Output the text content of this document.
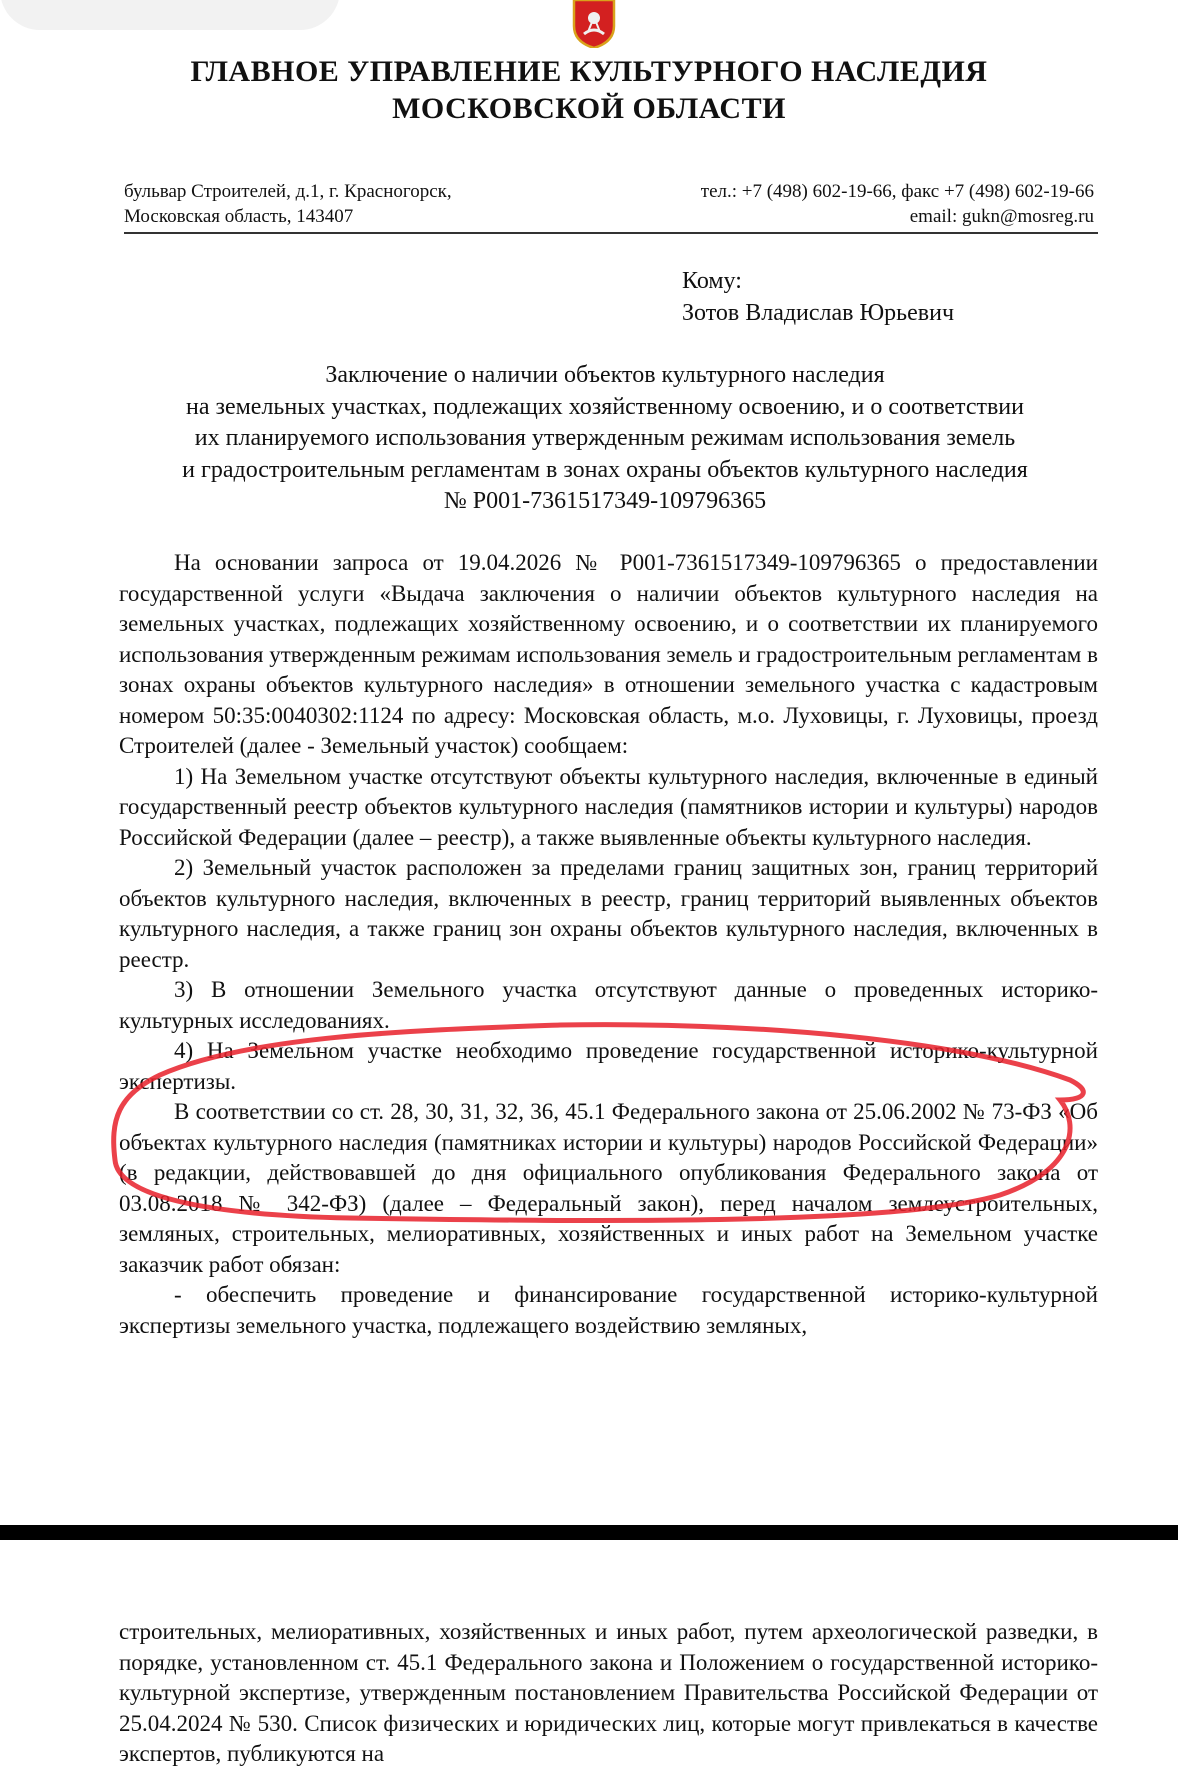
ГЛАВНОЕ УПРАВЛЕНИЕ КУЛЬТУРНОГО НАСЛЕДИЯ
МОСКОВСКОЙ ОБЛАСТИ
бульвар Строителей, д.1, г. Красногорск,
Московская область, 143407
тел.: +7 (498) 602-19-66, факс +7 (498) 602-19-66
email: gukn@mosreg.ru
Кому:
Зотов Владислав Юрьевич
Заключение о наличии объектов культурного наследия
на земельных участках, подлежащих хозяйственному освоению, и о соответствии
их планируемого использования утвержденным режимам использования земель
и градостроительным регламентам в зонах охраны объектов культурного наследия
№ Р001-7361517349-109796365

На основании запроса от 19.04.2026 № Р001-7361517349-109796365 о предоставлении государственной услуги «Выдача заключения о наличии объектов культурного наследия на земельных участках, подлежащих хозяйственному освоению, и о соответствии их планируемого использования утвержденным режимам использования земель и градостроительным регламентам в зонах охраны объектов культурного наследия» в отношении земельного участка с кадастровым номером 50:35:0040302:1124 по адресу: Московская область, м.о. Луховицы, г. Луховицы, проезд Строителей (далее - Земельный участок) сообщаем:

1) На Земельном участке отсутствуют объекты культурного наследия, включенные в единый государственный реестр объектов культурного наследия (памятников истории и культуры) народов Российской Федерации (далее – реестр), а также выявленные объекты культурного наследия.

2) Земельный участок расположен за пределами границ защитных зон, границ территорий объектов культурного наследия, включенных в реестр, границ территорий выявленных объектов культурного наследия, а также границ зон охраны объектов культурного наследия, включенных в реестр.

3) В отношении Земельного участка отсутствуют данные о проведенных историко-культурных исследованиях.

4) На Земельном участке необходимо проведение государственной историко-культурной экспертизы.

В соответствии со ст. 28, 30, 31, 32, 36, 45.1 Федерального закона от 25.06.2002 № 73-ФЗ «Об объектах культурного наследия (памятниках истории и культуры) народов Российской Федерации» (в редакции, действовавшей до дня официального опубликования Федерального закона от 03.08.2018 № 342-ФЗ) (далее – Федеральный закон), перед началом землеустроительных, земляных, строительных, мелиоративных, хозяйственных и иных работ на Земельном участке заказчик работ обязан:

- обеспечить проведение и финансирование государственной историко-культурной экспертизы земельного участка, подлежащего воздействию земляных,

строительных, мелиоративных, хозяйственных и иных работ, путем археологической разведки, в порядке, установленном ст. 45.1 Федерального закона и Положением о государственной историко-культурной экспертизе, утвержденным постановлением Правительства Российской Федерации от 25.04.2024 № 530. Список физических и юридических лиц, которые могут привлекаться в качестве экспертов, публикуются на
